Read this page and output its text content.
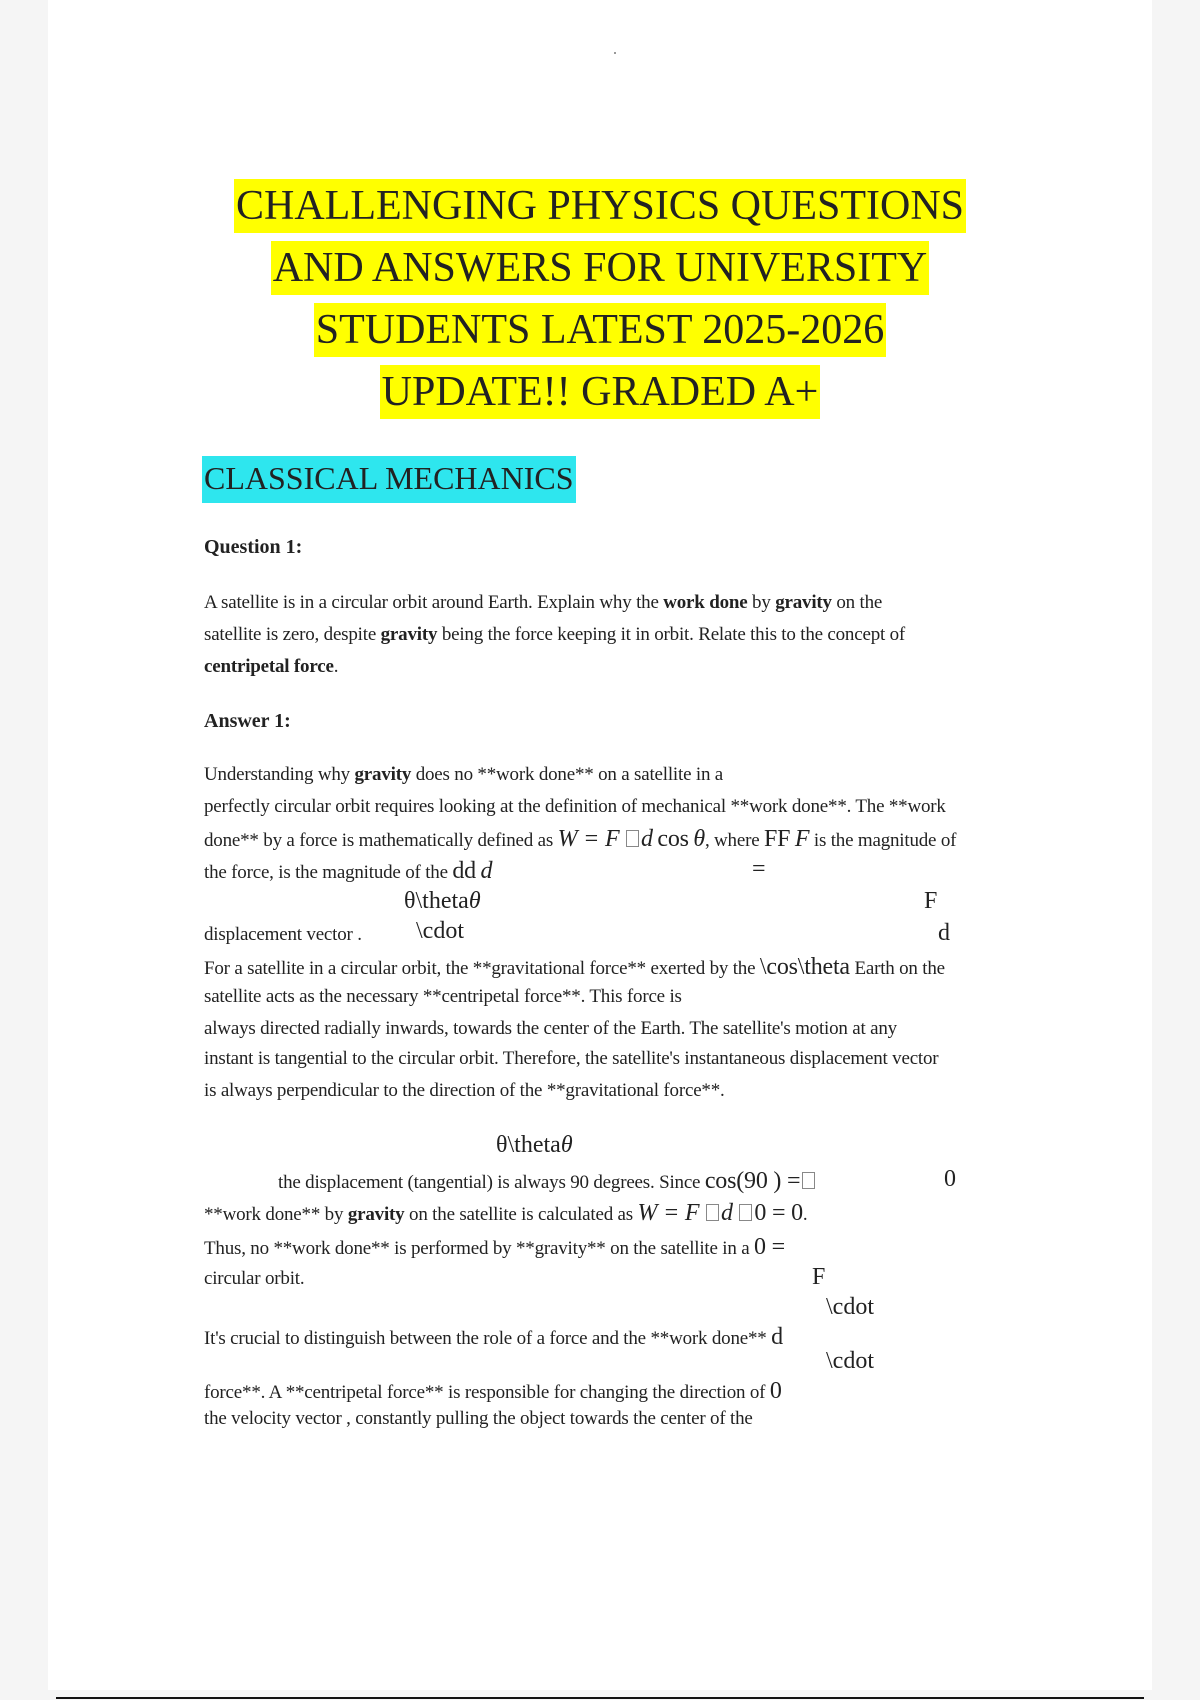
CHALLENGING PHYSICS QUESTIONS
AND ANSWERS FOR UNIVERSITY
STUDENTS LATEST 2025-2026
UPDATE!! GRADED A+
CLASSICAL MECHANICS
Question 1:
A satellite is in a circular orbit around Earth. Explain why the work done by gravity on the
satellite is zero, despite gravity being the force keeping it in orbit. Relate this to the concept of
centripetal force.
Answer 1:
Understanding why gravity does no **work done** on a satellite in a
perfectly circular orbit requires looking at the definition of mechanical **work done**. The **work
done** by a force is mathematically defined as W = F d cos θ, where FF F is the magnitude of
the force, is the magnitude of the dd d	=
θ\thetaθ	F
displacement vector . \cdot	d
For a satellite in a circular orbit, the **gravitational force** exerted by the \cos\theta Earth on the
satellite acts as the necessary **centripetal force**. This force is
always directed radially inwards, towards the center of the Earth. The satellite's motion at any
instant is tangential to the circular orbit. Therefore, the satellite's instantaneous displacement vector
is always perpendicular to the direction of the **gravitational force**.
θ\thetaθ
the displacement (tangential) is always 90 degrees. Since cos(90 ) =	0
**work done** by gravity on the satellite is calculated as W = F d 0 = 0.
Thus, no **work done** is performed by **gravity** on the satellite in a 0 =
circular orbit.	F
\cdot
It's crucial to distinguish between the role of a force and the **work done** d
\cdot
force**. A **centripetal force** is responsible for changing the direction of 0
the velocity vector , constantly pulling the object towards the center of the
